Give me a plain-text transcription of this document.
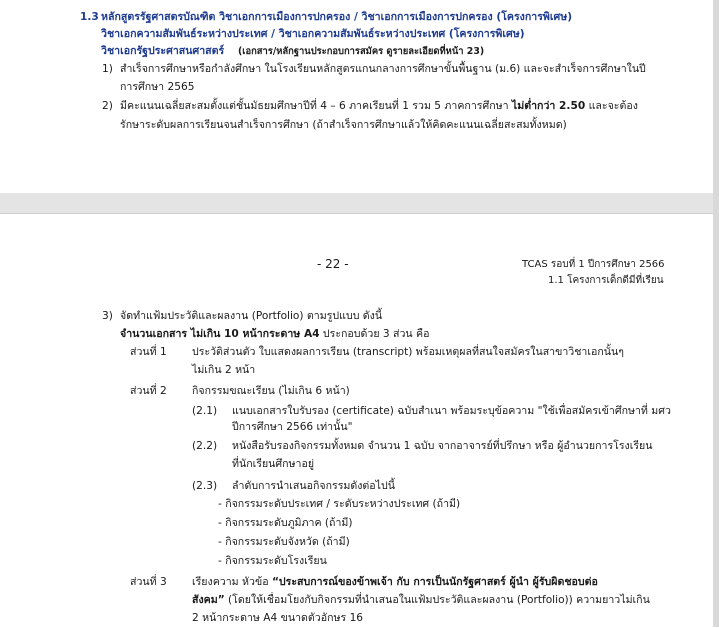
1.3 หลักสูตรรัฐศาสตรบัณฑิต วิชาเอกการเมืองการปกครอง / วิชาเอกการเมืองการปกครอง (โครงการพิเศษ)
วิชาเอกความสัมพันธ์ระหว่างประเทศ / วิชาเอกความสัมพันธ์ระหว่างประเทศ (โครงการพิเศษ)
วิชาเอกรัฐประศาสนศาสตร์ (เอกสาร/หลักฐานประกอบการสมัคร ดูรายละเอียดที่หน้า 23)
1) สำเร็จการศึกษาหรือกำลังศึกษา ในโรงเรียนหลักสูตรแกนกลางการศึกษาขั้นพื้นฐาน (ม.6) และจะสำเร็จการศึกษาในปี
การศึกษา 2565
2) มีคะแนนเฉลี่ยสะสมตั้งแต่ชั้นมัธยมศึกษาปีที่ 4 – 6 ภาคเรียนที่ 1 รวม 5 ภาคการศึกษา ไม่ต่ำกว่า 2.50 และจะต้อง
รักษาระดับผลการเรียนจนสำเร็จการศึกษา (ถ้าสำเร็จการศึกษาแล้วให้คิดคะแนนเฉลี่ยสะสมทั้งหมด)
- 22 -	TCAS รอบที่ 1 ปีการศึกษา 2566
1.1 โครงการเด็กดีมีที่เรียน
3) จัดทำแฟ้มประวัติและผลงาน (Portfolio) ตามรูปแบบ ดังนี้
จำนวนเอกสาร ไม่เกิน 10 หน้ากระดาษ A4 ประกอบด้วย 3 ส่วน คือ
ส่วนที่ 1 ประวัติส่วนตัว ใบแสดงผลการเรียน (transcript) พร้อมเหตุผลที่สนใจสมัครในสาขาวิชาเอกนั้นๆ
ไม่เกิน 2 หน้า
ส่วนที่ 2 กิจกรรมขณะเรียน (ไม่เกิน 6 หน้า)
(2.1) แนบเอกสารใบรับรอง (certificate) ฉบับสำเนา พร้อมระบุข้อความ "ใช้เพื่อสมัครเข้าศึกษาที่ มศว
ปีการศึกษา 2566 เท่านั้น"
(2.2) หนังสือรับรองกิจกรรมทั้งหมด จำนวน 1 ฉบับ จากอาจารย์ที่ปรึกษา หรือ ผู้อำนวยการโรงเรียน
ที่นักเรียนศึกษาอยู่
(2.3) ลำดับการนำเสนอกิจกรรมดังต่อไปนี้
- กิจกรรมระดับประเทศ / ระดับระหว่างประเทศ (ถ้ามี)
- กิจกรรมระดับภูมิภาค (ถ้ามี)
- กิจกรรมระดับจังหวัด (ถ้ามี)
- กิจกรรมระดับโรงเรียน
ส่วนที่ 3 เรียงความ หัวข้อ “ประสบการณ์ของข้าพเจ้า กับ การเป็นนักรัฐศาสตร์ ผู้นำ ผู้รับผิดชอบต่อ
สังคม” (โดยให้เชื่อมโยงกับกิจกรรมที่นำเสนอในแฟ้มประวัติและผลงาน (Portfolio)) ความยาวไม่เกิน
2 หน้ากระดาษ A4 ขนาดตัวอักษร 16
